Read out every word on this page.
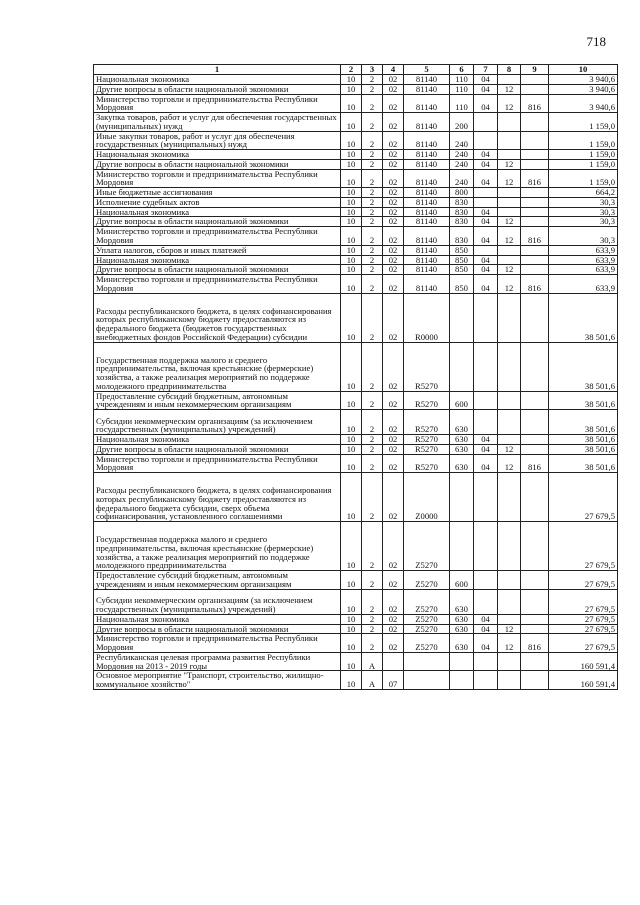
718
1	2	3	4	5	6	7	8	9	10
Национальная экономика	10	2	02	81140	110	04			3 940,6
Другие вопросы в области национальной экономики	10	2	02	81140	110	04	12		3 940,6
Министерство торговли и предпринимательства Республики Мордовия	10	2	02	81140	110	04	12	816	3 940,6
Закупка товаров, работ и услуг для обеспечения государственных (муниципальных) нужд	10	2	02	81140	200				1 159,0
Иные закупки товаров, работ и услуг для обеспечения государственных (муниципальных) нужд	10	2	02	81140	240				1 159,0
Национальная экономика	10	2	02	81140	240	04			1 159,0
Другие вопросы в области национальной экономики	10	2	02	81140	240	04	12		1 159,0
Министерство торговли и предпринимательства Республики Мордовия	10	2	02	81140	240	04	12	816	1 159,0
Иные бюджетные ассигнования	10	2	02	81140	800				664,2
Исполнение судебных актов	10	2	02	81140	830				30,3
Национальная экономика	10	2	02	81140	830	04			30,3
Другие вопросы в области национальной экономики	10	2	02	81140	830	04	12		30,3
Министерство торговли и предпринимательства Республики Мордовия	10	2	02	81140	830	04	12	816	30,3
Уплата налогов, сборов и иных платежей	10	2	02	81140	850				633,9
Национальная экономика	10	2	02	81140	850	04			633,9
Другие вопросы в области национальной экономики	10	2	02	81140	850	04	12		633,9
Министерство торговли и предпринимательства Республики Мордовия	10	2	02	81140	850	04	12	816	633,9
Расходы республиканского бюджета, в целях софинансирования которых республиканскому бюджету предоставляются из федерального бюджета (бюджетов государственных внебюджетных фондов Российской Федерации) субсидии	10	2	02	R0000					38 501,6
Государственная поддержка малого и среднего предпринимательства, включая крестьянские (фермерские) хозяйства, а также реализация мероприятий по поддержке молодежного предпринимательства	10	2	02	R5270					38 501,6
Предоставление субсидий бюджетным, автономным учреждениям и иным некоммерческим организациям	10	2	02	R5270	600				38 501,6
Субсидии некоммерческим организациям (за исключением государственных (муниципальных) учреждений)	10	2	02	R5270	630				38 501,6
Национальная экономика	10	2	02	R5270	630	04			38 501,6
Другие вопросы в области национальной экономики	10	2	02	R5270	630	04	12		38 501,6
Министерство торговли и предпринимательства Республики Мордовия	10	2	02	R5270	630	04	12	816	38 501,6
Расходы республиканского бюджета, в целях софинансирования которых республиканскому бюджету предоставляются из федерального бюджета субсидии, сверх объема софинансирования, установленного соглашениями	10	2	02	Z0000					27 679,5
Государственная поддержка малого и среднего предпринимательства, включая крестьянские (фермерские) хозяйства, а также реализация мероприятий по поддержке молодежного предпринимательства	10	2	02	Z5270					27 679,5
Предоставление субсидий бюджетным, автономным учреждениям и иным некоммерческим организациям	10	2	02	Z5270	600				27 679,5
Субсидии некоммерческим организациям (за исключением государственных (муниципальных) учреждений)	10	2	02	Z5270	630				27 679,5
Национальная экономика	10	2	02	Z5270	630	04			27 679,5
Другие вопросы в области национальной экономики	10	2	02	Z5270	630	04	12		27 679,5
Министерство торговли и предпринимательства Республики Мордовия	10	2	02	Z5270	630	04	12	816	27 679,5
Республиканская целевая программа развития Республики Мордовия на 2013 - 2019 годы	10	А							160 591,4
Основное мероприятие "Транспорт, строительство, жилищно-коммунальное хозяйство"	10	А	07						160 591,4
